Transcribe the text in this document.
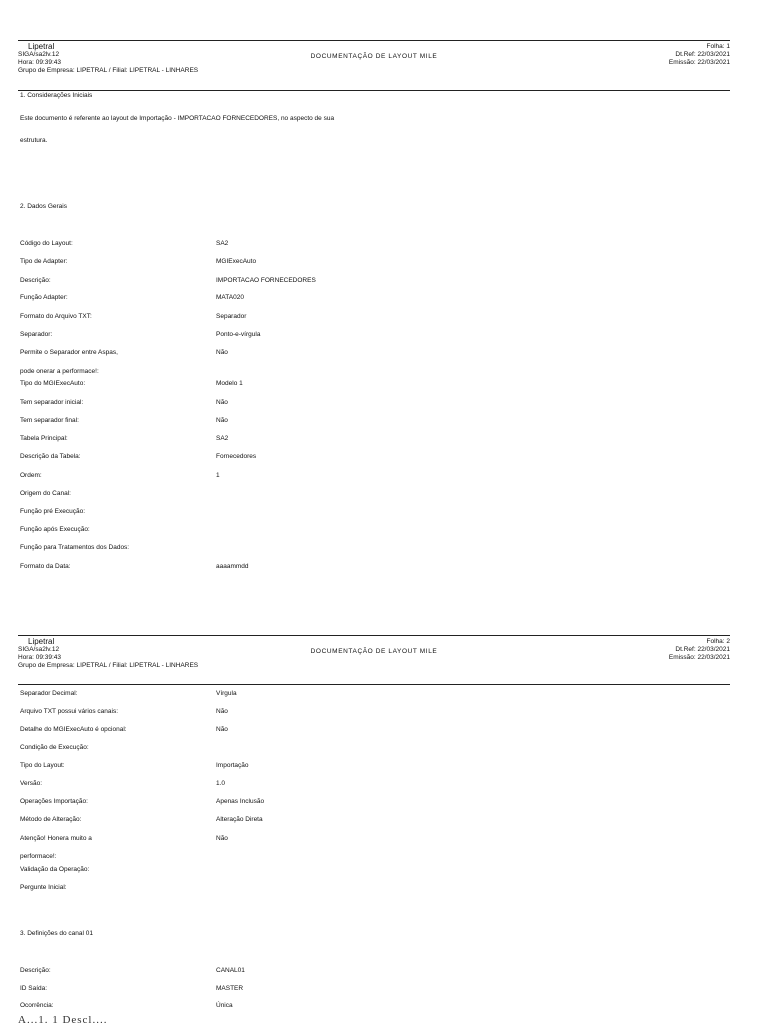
Lipetral
SIGA/sa2lv.12
Hora: 09:39:43
Grupo de Empresa: LIPETRAL / Filial: LIPETRAL - LINHARES
DOCUMENTAÇÃO DE LAYOUT MILE
Folha: 1
Dt.Ref: 22/03/2021
Emissão: 22/03/2021
1. Considerações Iniciais
Este documento é referente ao layout de Importação - IMPORTACAO FORNECEDORES, no aspecto de sua
estrutura.
2. Dados Gerais
Código do Layout:	SA2
Tipo de Adapter:	MGIExecAuto
Descrição:	IMPORTACAO FORNECEDORES
Função Adapter:	MATA020
Formato do Arquivo TXT:	Separador
Separador:	Ponto-e-vírgula
Permite o Separador entre Aspas,	Não
pode onerar a performace!:
Tipo do MGIExecAuto:	Modelo 1
Tem separador inicial:	Não
Tem separador final:	Não
Tabela Principal:	SA2
Descrição da Tabela:	Fornecedores
Ordem:	1
Origem do Canal:
Função pré Execução:
Função após Execução:
Função para Tratamentos dos Dados:
Formato da Data:	aaaammdd
Lipetral
SIGA/sa2lv.12
Hora: 09:39:43
Grupo de Empresa: LIPETRAL / Filial: LIPETRAL - LINHARES
DOCUMENTAÇÃO DE LAYOUT MILE
Folha: 2
Dt.Ref: 22/03/2021
Emissão: 22/03/2021
Separador Decimal:	Vírgula
Arquivo TXT possui vários canais:	Não
Detalhe do MGIExecAuto é opcional:	Não
Condição de Execução:
Tipo do Layout:	Importação
Versão:	1.0
Operações Importação:	Apenas Inclusão
Método de Alteração:	Alteração Direta
Atenção! Honera muito a	Não
performace!:
Validação da Operação:
Pergunte Inicial:
3. Definições do canal 01
Descrição:	CANAL01
ID Saída:	MASTER
Ocorrência:	Única
A...1. 1 Descl....
